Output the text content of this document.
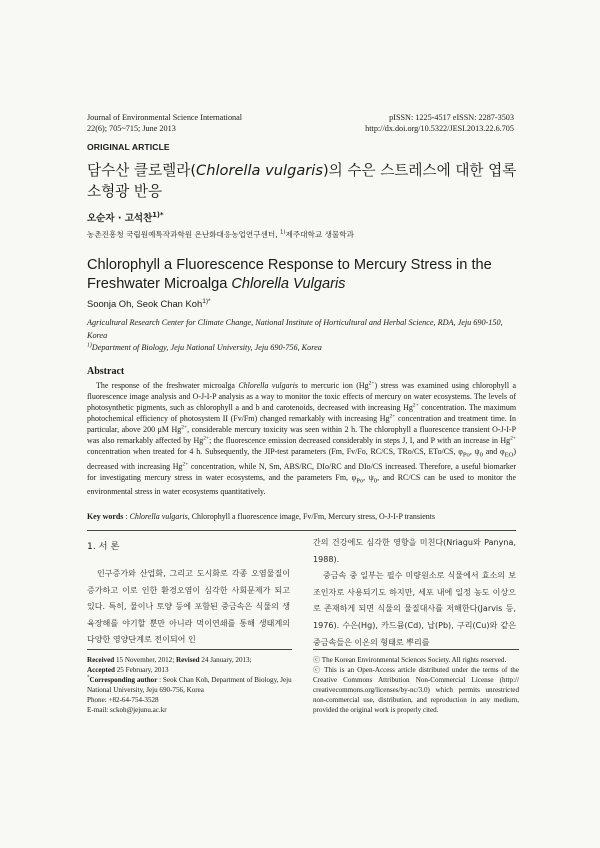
Journal of Environmental Science International
22(6); 705~715; June 2013
pISSN: 1225-4517 eISSN: 2287-3503
http://dx.doi.org/10.5322/JESI.2013.22.6.705
ORIGINAL ARTICLE
담수산 클로렐라(Chlorella vulgaris)의 수은 스트레스에 대한 엽록소형광 반응
오순자 · 고석찬$^{1)*}$
농촌진흥청 국립원예특작과학원 온난화대응농업연구센터, $^{1)}$제주대학교 생물학과
Chlorophyll a Fluorescence Response to Mercury Stress in the Freshwater Microalga Chlorella Vulgaris
Soonja Oh, Seok Chan Koh$^{1)*}$
Agricultural Research Center for Climate Change, National Institute of Horticultural and Herbal Science, RDA, Jeju 690-150, Korea
$^{1)}$Department of Biology, Jeju National University, Jeju 690-756, Korea
Abstract
The response of the freshwater microalga Chlorella vulgaris to mercuric ion $(Hg^{2+})$ stress was examined using chlorophyll a fluorescence image analysis and O-J-I-P analysis as a way to monitor the toxic effects of mercury on water ecosystems. The levels of photosynthetic pigments, such as chlorophyll a and b and carotenoids, decreased with increasing $Hg^{2+}$ concentration. The maximum photochemical efficiency of photosystem II (Fv/Fm) changed remarkably with increasing $Hg^{2+}$ concentration and treatment time. In particular, above 200 μM $Hg^{2+}$, considerable mercury toxicity was seen within 2 h. The chlorophyll a fluorescence transient O-J-I-P was also remarkably affected by $Hg^{2+}$; the fluorescence emission decreased considerably in steps J, I, and P with an increase in $Hg^{2+}$ concentration when treated for 4 h. Subsequently, the JIP-test parameters (Fm, Fv/Fo, RC/CS, TRo/CS, ETo/CS, $\varphi_{Po}$, $\psi_0$ and $\varphi_{EO}$) decreased with increasing $Hg^{2+}$ concentration, while N, Sm, ABS/RC, DIo/RC and DIo/CS increased. Therefore, a useful biomarker for investigating mercury stress in water ecosystems, and the parameters Fm, $\varphi_{Po}$, $\psi_0$, and RC/CS can be used to monitor the environmental stress in water ecosystems quantitatively.
Key words : Chlorella vulgaris, Chlorophyll a fluorescence image, Fv/Fm, Mercury stress, O-J-I-P transients
1. 서 론

인구증가와 산업화, 그리고 도시화로 각종 오염물질이 증가하고 이로 인한 환경오염이 심각한 사회문제가 되고 있다. 특히, 물이나 토양 등에 포함된 중금속은 식물의 생육장해를 야기할 뿐만 아니라 먹이연쇄를 통해 생태계의 다양한 영양단계로 전이되어 인

간의 건강에도 심각한 영향을 미친다(Nriagu와 Panyna, 1988).

중금속 중 일부는 필수 미량원소로 식물에서 효소의 보조인자로 사용되기도 하지만, 세포 내에 일정 농도 이상으로 존재하게 되면 식물의 물질대사를 저해한다(Jarvis 등, 1976). 수은(Hg), 카드뮴(Cd), 납(Pb), 구리(Cu)와 같은 중금속들은 이온의 형태로 뿌리를

Received 15 November, 2012; Revised 24 January, 2013;
Accepted 25 February, 2013
*Corresponding author : Seok Chan Koh, Department of Biology, Jeju National University, Jeju 690-756, Korea
Phone: +82-64-754-3528
E-mail: sckoh@jejunu.ac.kr
ⓒ The Korean Environmental Sciences Society. All rights reserved.
ⓒ This is an Open-Access article distributed under the terms of the Creative Commons Attribution Non-Commercial License (http:// creativecommons.org/licenses/by-nc/3.0) which permits unrestricted non-commercial use, distribution, and reproduction in any medium, provided the original work is properly cited.
